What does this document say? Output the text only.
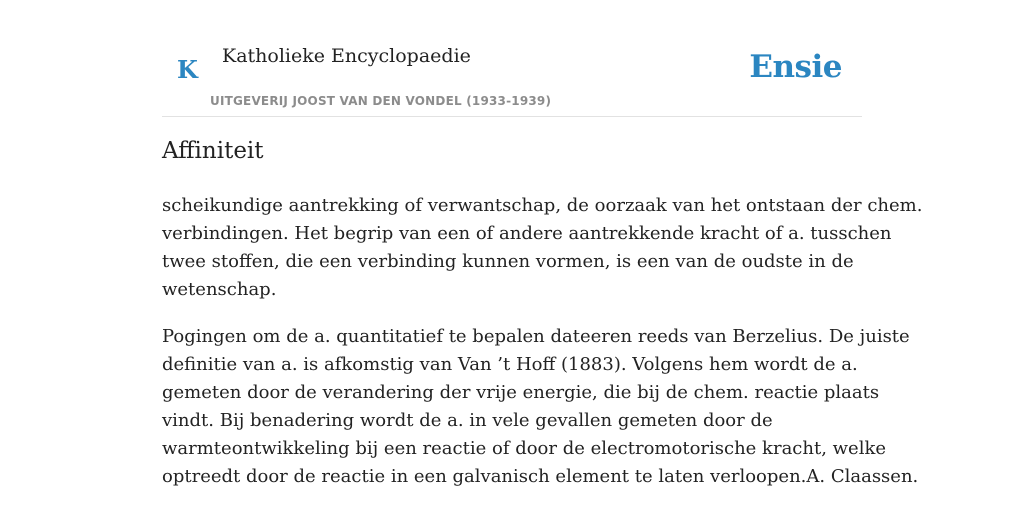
K Katholieke Encyclopaedie
UITGEVERIJ JOOST VAN DEN VONDEL (1933-1939)
Ensie
Affiniteit

scheikundige aantrekking of verwantschap, de oorzaak van het ontstaan der chem.
verbindingen. Het begrip van een of andere aantrekkende kracht of a. tusschen
twee stoffen, die een verbinding kunnen vormen, is een van de oudste in de
wetenschap.

Pogingen om de a. quantitatief te bepalen dateeren reeds van Berzelius. De juiste
definitie van a. is afkomstig van Van ’t Hoff (1883). Volgens hem wordt de a.
gemeten door de verandering der vrije energie, die bij de chem. reactie plaats
vindt. Bij benadering wordt de a. in vele gevallen gemeten door de
warmteontwikkeling bij een reactie of door de electromotorische kracht, welke
optreedt door de reactie in een galvanisch element te laten verloopen.A. Claassen.
